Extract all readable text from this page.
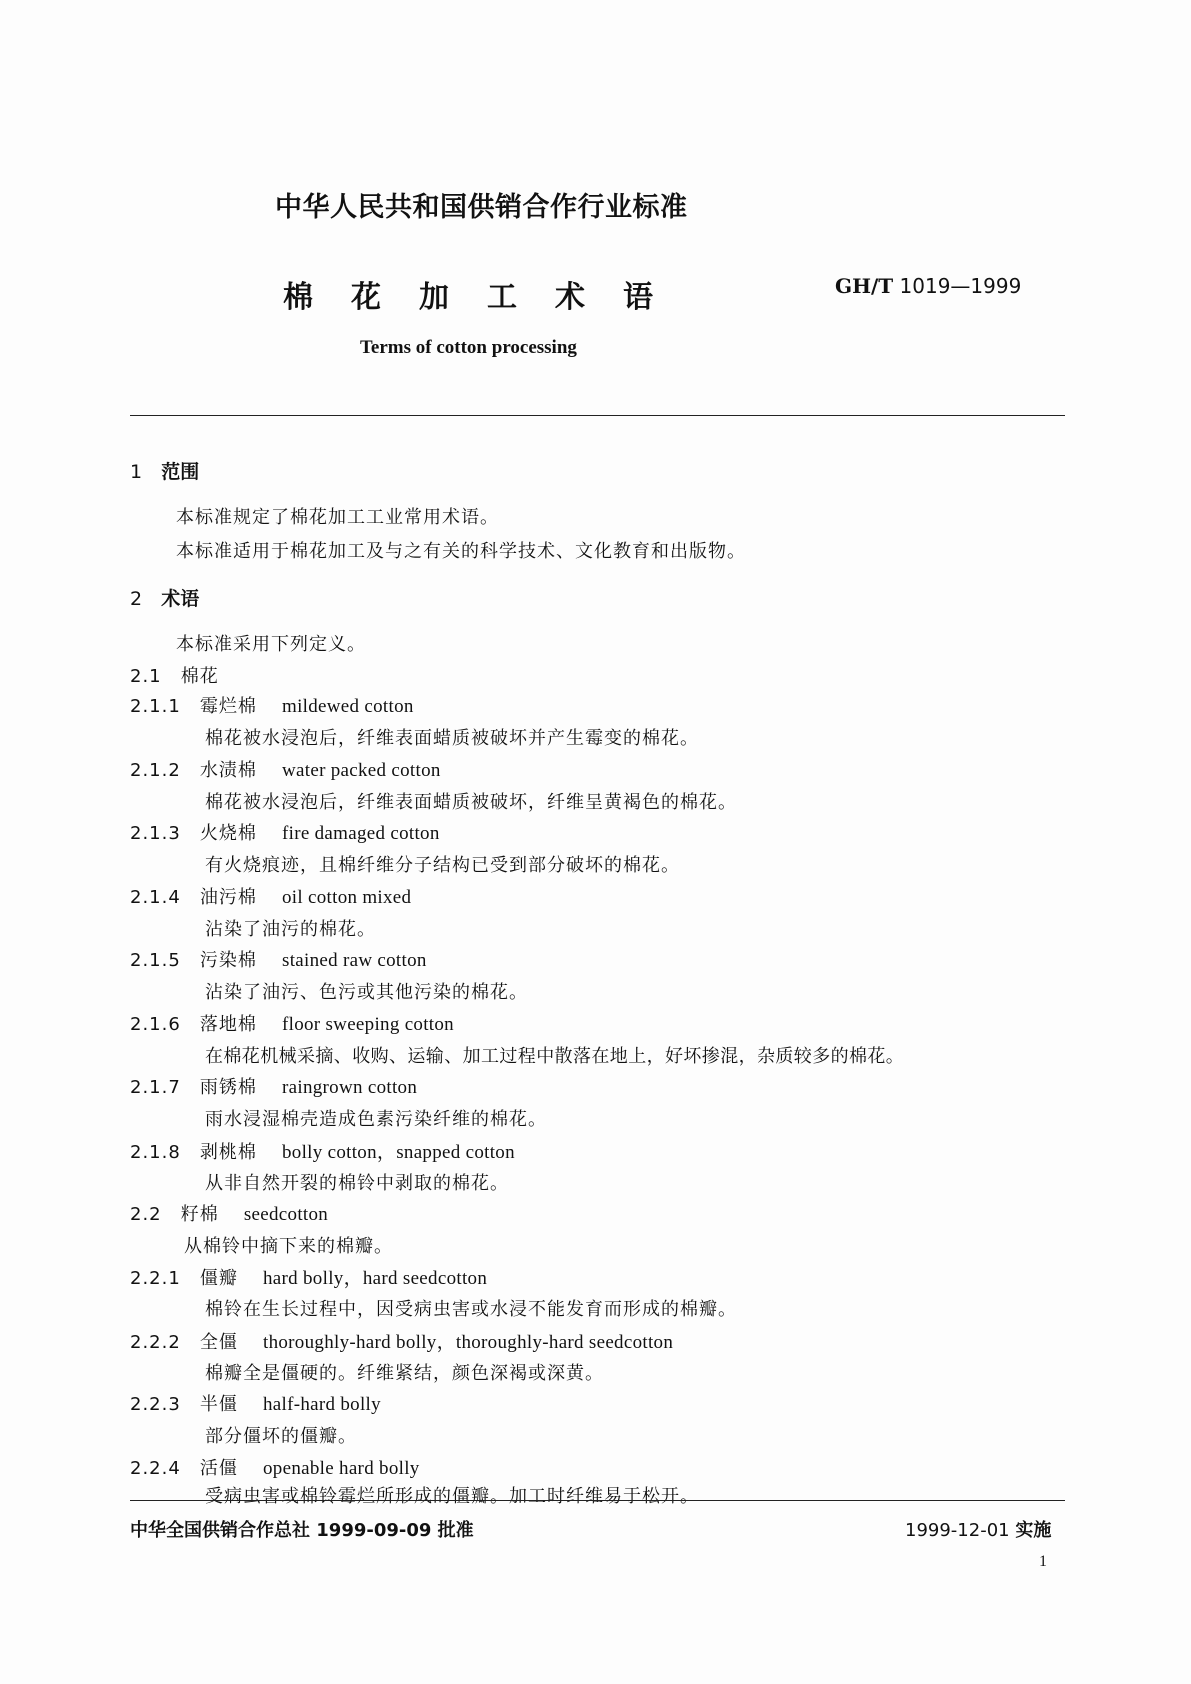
中华人民共和国供销合作行业标准
棉花加工术语	GH/T 1019—1999
Terms of cotton processing
1 范围
本标准规定了棉花加工工业常用术语。
本标准适用于棉花加工及与之有关的科学技术、文化教育和出版物。
2 术语
本标准采用下列定义。
2.1 棉花
2.1.1 霉烂棉 mildewed cotton
棉花被水浸泡后，纤维表面蜡质被破坏并产生霉变的棉花。
2.1.2 水渍棉 water packed cotton
棉花被水浸泡后，纤维表面蜡质被破坏，纤维呈黄褐色的棉花。
2.1.3 火烧棉 fire damaged cotton
有火烧痕迹，且棉纤维分子结构已受到部分破坏的棉花。
2.1.4 油污棉 oil cotton mixed
沾染了油污的棉花。
2.1.5 污染棉 stained raw cotton
沾染了油污、色污或其他污染的棉花。
2.1.6 落地棉 floor sweeping cotton
在棉花机械采摘、收购、运输、加工过程中散落在地上，好坏掺混，杂质较多的棉花。
2.1.7 雨锈棉 raingrown cotton
雨水浸湿棉壳造成色素污染纤维的棉花。
2.1.8 剥桃棉 bolly cotton，snapped cotton
从非自然开裂的棉铃中剥取的棉花。
2.2 籽棉 seedcotton
从棉铃中摘下来的棉瓣。
2.2.1 僵瓣 hard bolly，hard seedcotton
棉铃在生长过程中，因受病虫害或水浸不能发育而形成的棉瓣。
2.2.2 全僵 thoroughly-hard bolly，thoroughly-hard seedcotton
棉瓣全是僵硬的。纤维紧结，颜色深褐或深黄。
2.2.3 半僵 half-hard bolly
部分僵坏的僵瓣。
2.2.4 活僵 openable hard bolly
受病虫害或棉铃霉烂所形成的僵瓣。加工时纤维易于松开。
中华全国供销合作总社 1999-09-09 批准	1999-12-01 实施
1
